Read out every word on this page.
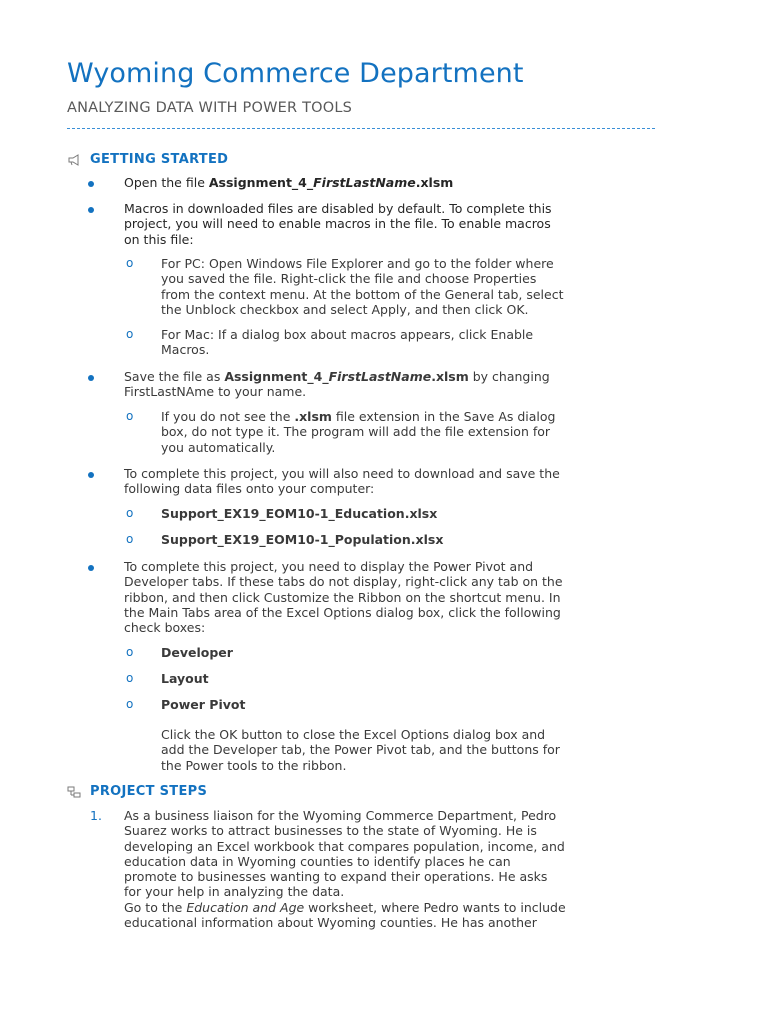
Wyoming Commerce Department
ANALYZING DATA WITH POWER TOOLS
GETTING STARTED

Open the file Assignment_4_FirstLastName.xlsm

Macros in downloaded files are disabled by default. To complete this
project, you will need to enable macros in the file. To enable macros
on this file:

o For PC: Open Windows File Explorer and go to the folder where
you saved the file. Right-click the file and choose Properties
from the context menu. At the bottom of the General tab, select
the Unblock checkbox and select Apply, and then click OK.

o For Mac: If a dialog box about macros appears, click Enable
Macros.

Save the file as Assignment_4_FirstLastName.xlsm by changing
FirstLastNAme to your name.

o If you do not see the .xlsm file extension in the Save As dialog
box, do not type it. The program will add the file extension for
you automatically.

To complete this project, you will also need to download and save the
following data files onto your computer:

o Support_EX19_EOM10-1_Education.xlsx

o Support_EX19_EOM10-1_Population.xlsx

To complete this project, you need to display the Power Pivot and
Developer tabs. If these tabs do not display, right-click any tab on the
ribbon, and then click Customize the Ribbon on the shortcut menu. In
the Main Tabs area of the Excel Options dialog box, click the following
check boxes:

o Developer

o Layout

o Power Pivot

Click the OK button to close the Excel Options dialog box and
add the Developer tab, the Power Pivot tab, and the buttons for
the Power tools to the ribbon.

PROJECT STEPS
1. As a business liaison for the Wyoming Commerce Department, Pedro
Suarez works to attract businesses to the state of Wyoming. He is
developing an Excel workbook that compares population, income, and
education data in Wyoming counties to identify places he can
promote to businesses wanting to expand their operations. He asks
for your help in analyzing the data.
Go to the Education and Age worksheet, where Pedro wants to include
educational information about Wyoming counties. He has another
